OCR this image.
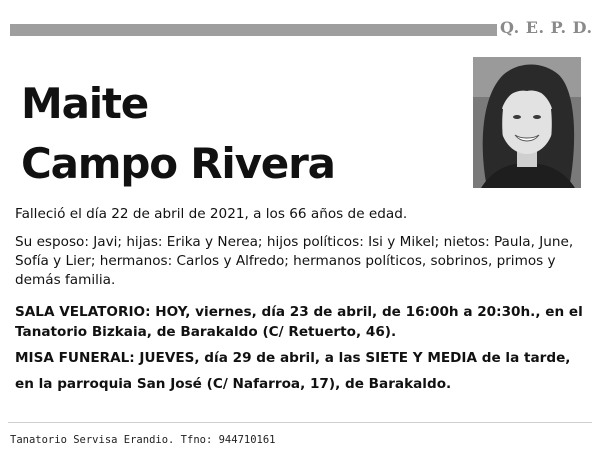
Q. E. P. D.
Maite
Campo Rivera
Falleció el día 22 de abril de 2021, a los 66 años de edad.
Su esposo: Javi; hijas: Erika y Nerea; hijos políticos: Isi y Mikel; nietos: Paula, June, Sofía y Lier; hermanos: Carlos y Alfredo; hermanos políticos, sobrinos, primos y demás familia.
SALA VELATORIO: HOY, viernes, día 23 de abril, de 16:00h a 20:30h., en el Tanatorio Bizkaia, de Barakaldo (C/ Retuerto, 46).
MISA FUNERAL: JUEVES, día 29 de abril, a las SIETE Y MEDIA de la tarde,
en la parroquia San José (C/ Nafarroa, 17), de Barakaldo.
Tanatorio Servisa Erandio. Tfno: 944710161
